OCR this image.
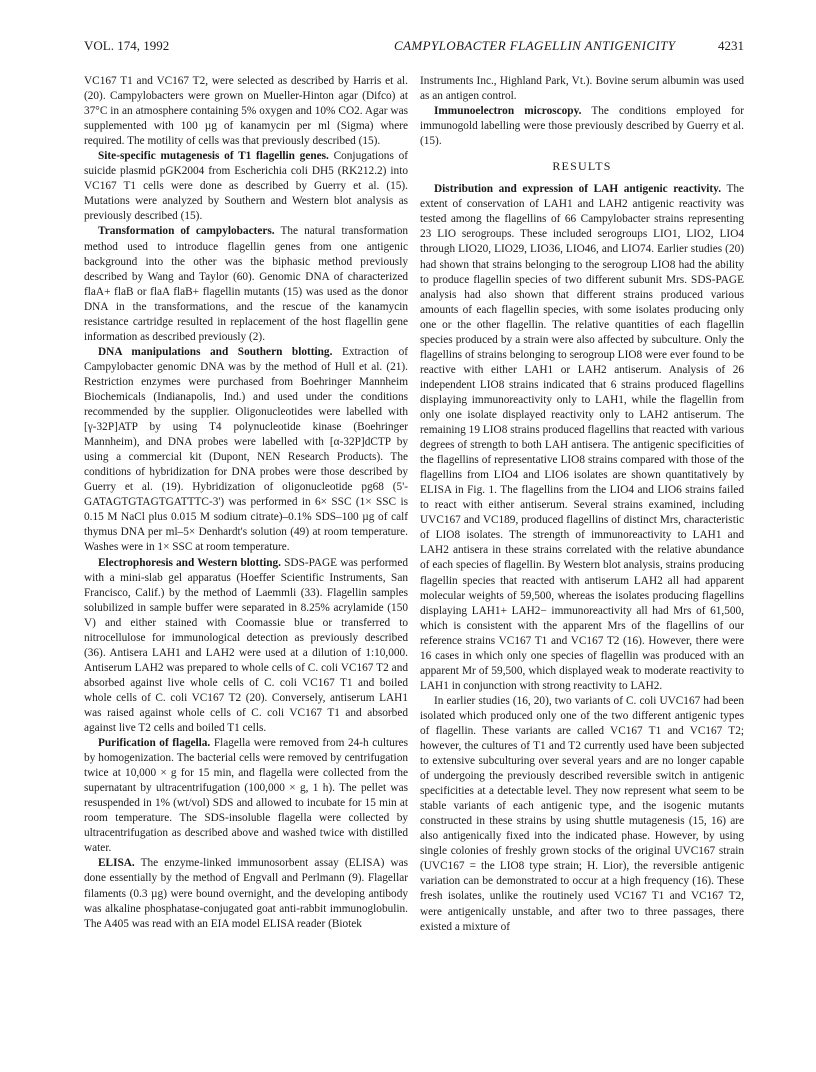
VOL. 174, 1992	CAMPYLOBACTER FLAGELLIN ANTIGENICITY	4231

VC167 T1 and VC167 T2, were selected as described by Harris et al. (20). Campylobacters were grown on Mueller-Hinton agar (Difco) at 37°C in an atmosphere containing 5% oxygen and 10% CO2. Agar was supplemented with 100 µg of kanamycin per ml (Sigma) where required. The motility of cells was that previously described (15).

Site-specific mutagenesis of T1 flagellin genes. Conjugations of suicide plasmid pGK2004 from Escherichia coli DH5 (RK212.2) into VC167 T1 cells were done as described by Guerry et al. (15). Mutations were analyzed by Southern and Western blot analysis as previously described (15).

Transformation of campylobacters. The natural transformation method used to introduce flagellin genes from one antigenic background into the other was the biphasic method previously described by Wang and Taylor (60). Genomic DNA of characterized flaA+ flaB or flaA flaB+ flagellin mutants (15) was used as the donor DNA in the transformations, and the rescue of the kanamycin resistance cartridge resulted in replacement of the host flagellin gene information as described previously (2).

DNA manipulations and Southern blotting. Extraction of Campylobacter genomic DNA was by the method of Hull et al. (21). Restriction enzymes were purchased from Boehringer Mannheim Biochemicals (Indianapolis, Ind.) and used under the conditions recommended by the supplier. Oligonucleotides were labelled with [γ-32P]ATP by using T4 polynucleotide kinase (Boehringer Mannheim), and DNA probes were labelled with [α-32P]dCTP by using a commercial kit (Dupont, NEN Research Products). The conditions of hybridization for DNA probes were those described by Guerry et al. (19). Hybridization of oligonucleotide pg68 (5'-GATAGTGTAGTGATTTC-3') was performed in 6× SSC (1× SSC is 0.15 M NaCl plus 0.015 M sodium citrate)–0.1% SDS–100 µg of calf thymus DNA per ml–5× Denhardt's solution (49) at room temperature. Washes were in 1× SSC at room temperature.

Electrophoresis and Western blotting. SDS-PAGE was performed with a mini-slab gel apparatus (Hoeffer Scientific Instruments, San Francisco, Calif.) by the method of Laemmli (33). Flagellin samples solubilized in sample buffer were separated in 8.25% acrylamide (150 V) and either stained with Coomassie blue or transferred to nitrocellulose for immunological detection as previously described (36). Antisera LAH1 and LAH2 were used at a dilution of 1:10,000. Antiserum LAH2 was prepared to whole cells of C. coli VC167 T2 and absorbed against live whole cells of C. coli VC167 T1 and boiled whole cells of C. coli VC167 T2 (20). Conversely, antiserum LAH1 was raised against whole cells of C. coli VC167 T1 and absorbed against live T2 cells and boiled T1 cells.

Purification of flagella. Flagella were removed from 24-h cultures by homogenization. The bacterial cells were removed by centrifugation twice at 10,000 × g for 15 min, and flagella were collected from the supernatant by ultracentrifugation (100,000 × g, 1 h). The pellet was resuspended in 1% (wt/vol) SDS and allowed to incubate for 15 min at room temperature. The SDS-insoluble flagella were collected by ultracentrifugation as described above and washed twice with distilled water.

ELISA. The enzyme-linked immunosorbent assay (ELISA) was done essentially by the method of Engvall and Perlmann (9). Flagellar filaments (0.3 µg) were bound overnight, and the developing antibody was alkaline phosphatase-conjugated goat anti-rabbit immunoglobulin. The A405 was read with an EIA model ELISA reader (Biotek

Instruments Inc., Highland Park, Vt.). Bovine serum albumin was used as an antigen control.

Immunoelectron microscopy. The conditions employed for immunogold labelling were those previously described by Guerry et al. (15).

RESULTS

Distribution and expression of LAH antigenic reactivity. The extent of conservation of LAH1 and LAH2 antigenic reactivity was tested among the flagellins of 66 Campylobacter strains representing 23 LIO serogroups. These included serogroups LIO1, LIO2, LIO4 through LIO20, LIO29, LIO36, LIO46, and LIO74. Earlier studies (20) had shown that strains belonging to the serogroup LIO8 had the ability to produce flagellin species of two different subunit Mrs. SDS-PAGE analysis had also shown that different strains produced various amounts of each flagellin species, with some isolates producing only one or the other flagellin. The relative quantities of each flagellin species produced by a strain were also affected by subculture. Only the flagellins of strains belonging to serogroup LIO8 were ever found to be reactive with either LAH1 or LAH2 antiserum. Analysis of 26 independent LIO8 strains indicated that 6 strains produced flagellins displaying immunoreactivity only to LAH1, while the flagellin from only one isolate displayed reactivity only to LAH2 antiserum. The remaining 19 LIO8 strains produced flagellins that reacted with various degrees of strength to both LAH antisera. The antigenic specificities of the flagellins of representative LIO8 strains compared with those of the flagellins from LIO4 and LIO6 isolates are shown quantitatively by ELISA in Fig. 1. The flagellins from the LIO4 and LIO6 strains failed to react with either antiserum. Several strains examined, including UVC167 and VC189, produced flagellins of distinct Mrs, characteristic of LIO8 isolates. The strength of immunoreactivity to LAH1 and LAH2 antisera in these strains correlated with the relative abundance of each species of flagellin. By Western blot analysis, strains producing flagellin species that reacted with antiserum LAH2 all had apparent molecular weights of 59,500, whereas the isolates producing flagellins displaying LAH1+ LAH2− immunoreactivity all had Mrs of 61,500, which is consistent with the apparent Mrs of the flagellins of our reference strains VC167 T1 and VC167 T2 (16). However, there were 16 cases in which only one species of flagellin was produced with an apparent Mr of 59,500, which displayed weak to moderate reactivity to LAH1 in conjunction with strong reactivity to LAH2.

In earlier studies (16, 20), two variants of C. coli UVC167 had been isolated which produced only one of the two different antigenic types of flagellin. These variants are called VC167 T1 and VC167 T2; however, the cultures of T1 and T2 currently used have been subjected to extensive subculturing over several years and are no longer capable of undergoing the previously described reversible switch in antigenic specificities at a detectable level. They now represent what seem to be stable variants of each antigenic type, and the isogenic mutants constructed in these strains by using shuttle mutagenesis (15, 16) are also antigenically fixed into the indicated phase. However, by using single colonies of freshly grown stocks of the original UVC167 strain (UVC167 = the LIO8 type strain; H. Lior), the reversible antigenic variation can be demonstrated to occur at a high frequency (16). These fresh isolates, unlike the routinely used VC167 T1 and VC167 T2, were antigenically unstable, and after two to three passages, there existed a mixture of
